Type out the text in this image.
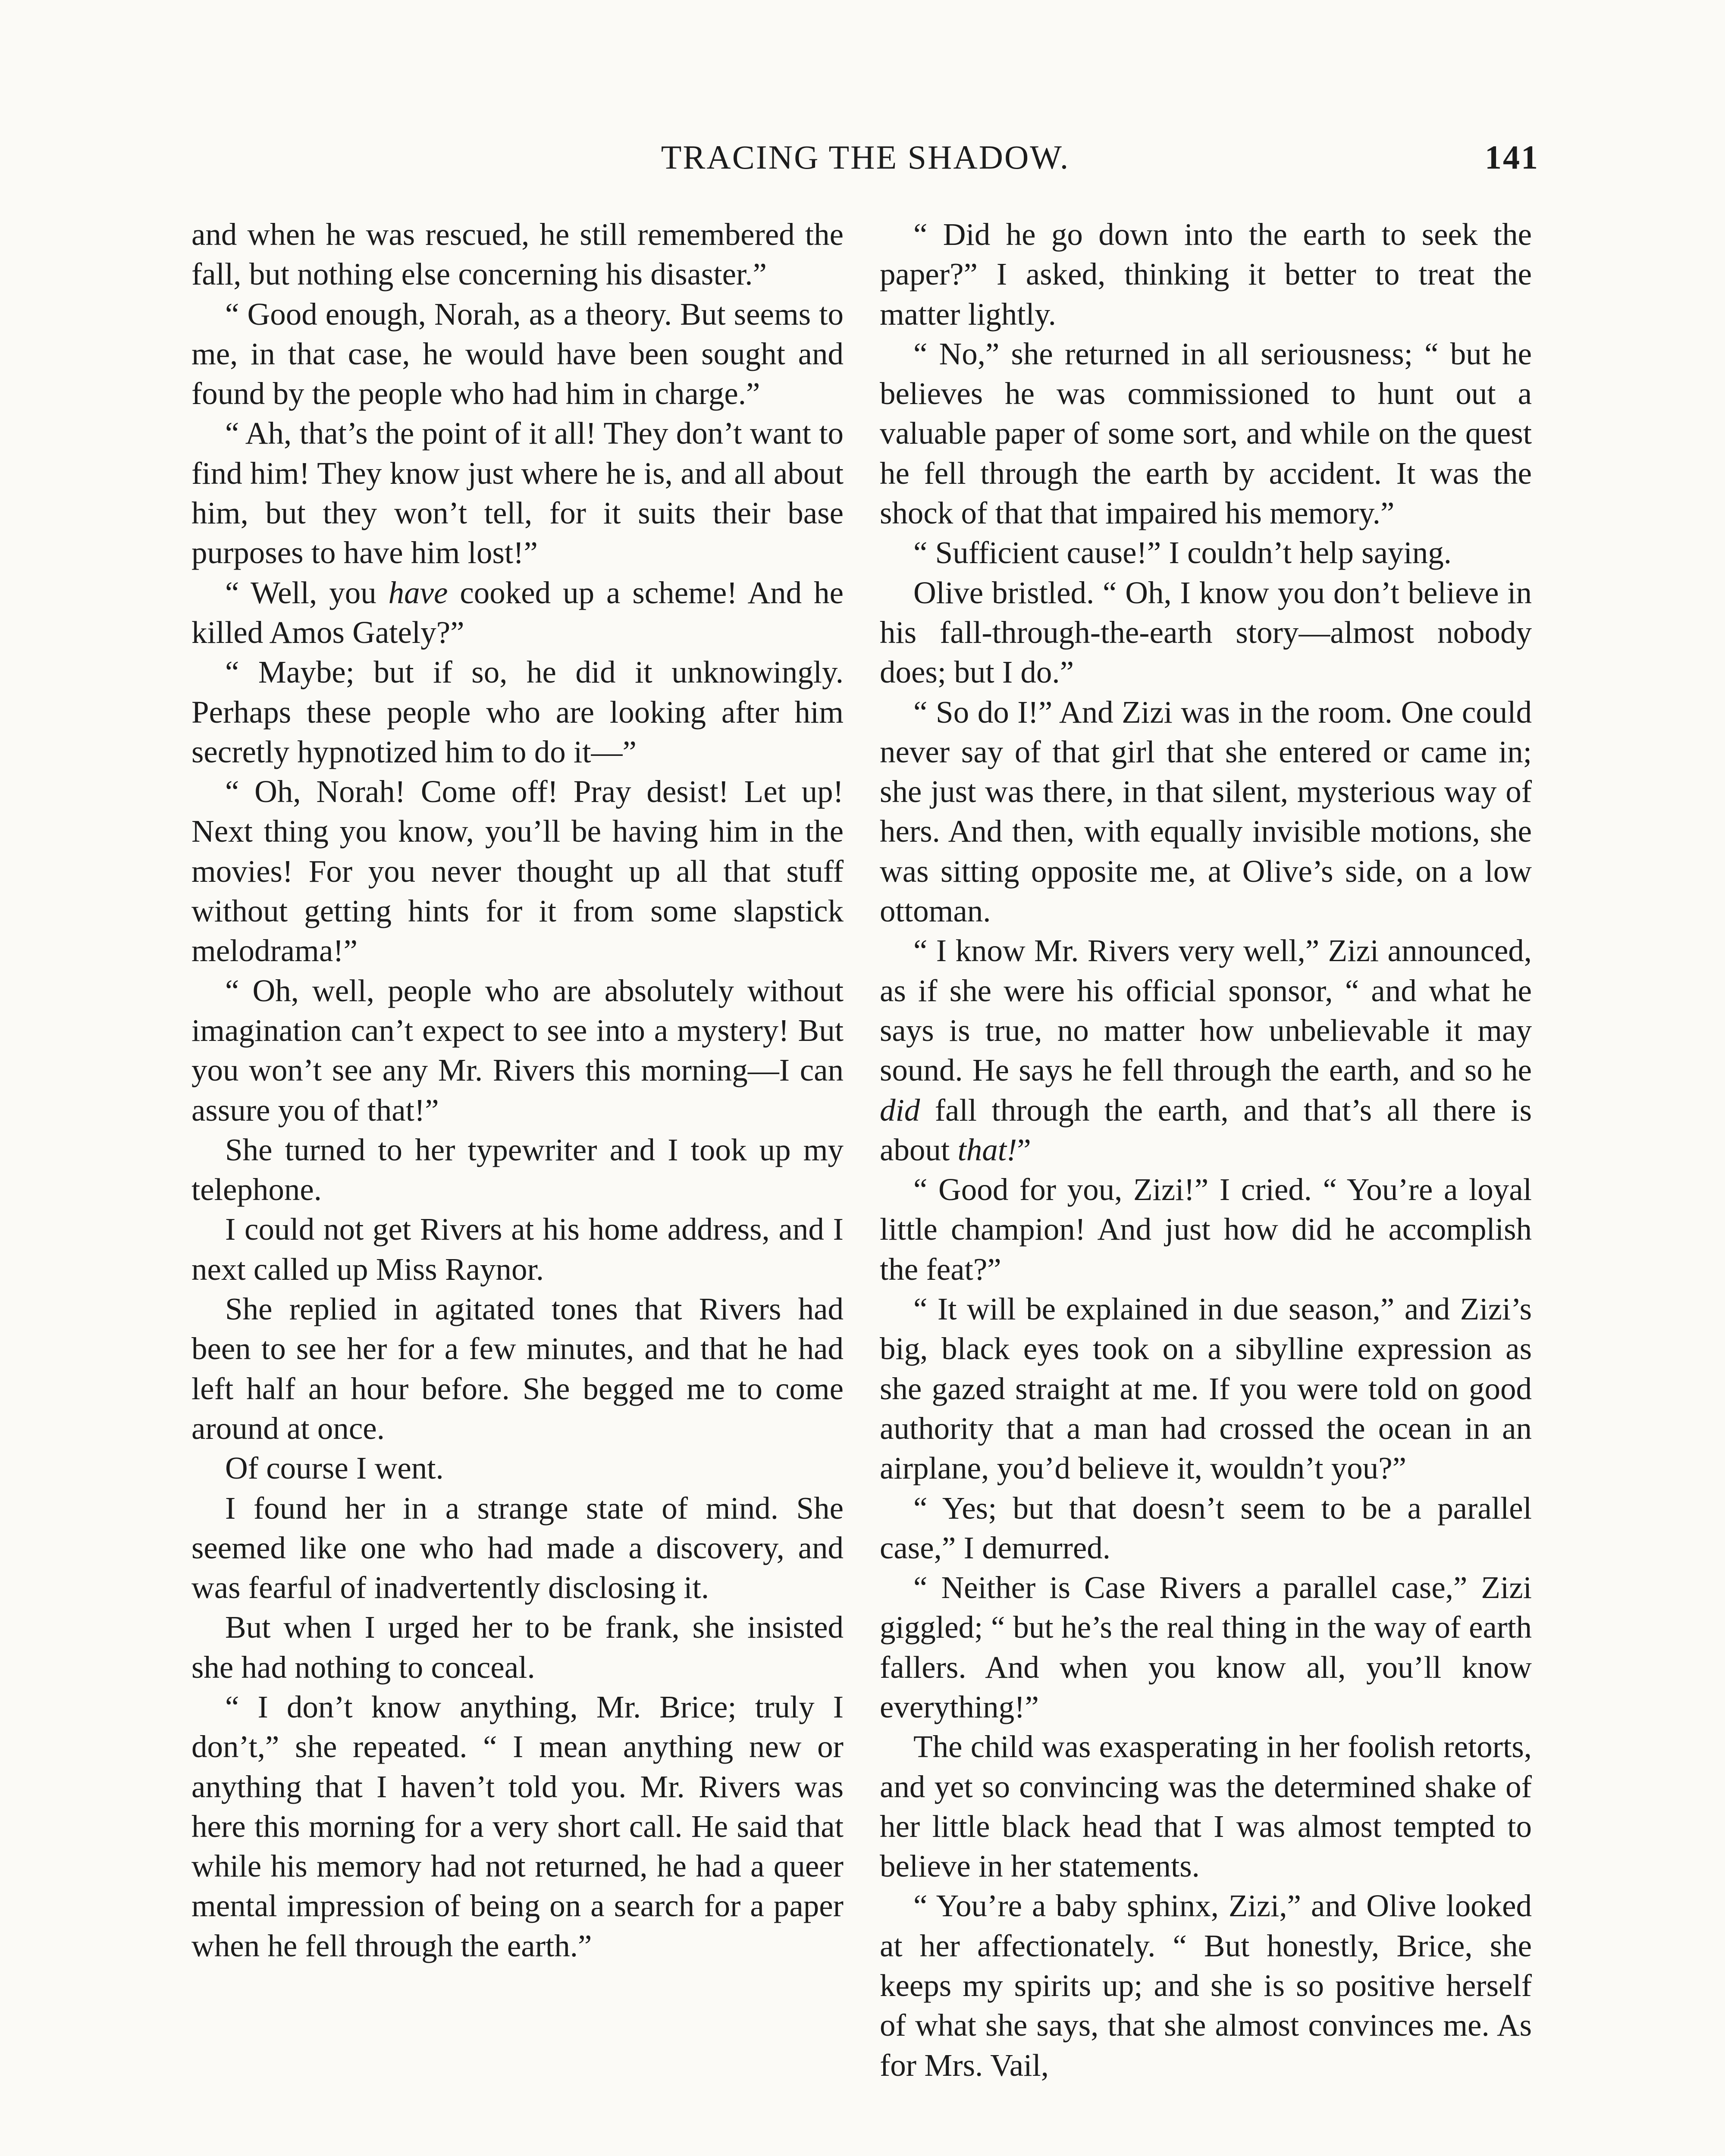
TRACING THE SHADOW.	141

and when he was rescued, he still remembered the fall, but nothing else concerning his disaster.”

“ Good enough, Norah, as a theory. But seems to me, in that case, he would have been sought and found by the people who had him in charge.”

“ Ah, that’s the point of it all! They don’t want to find him! They know just where he is, and all about him, but they won’t tell, for it suits their base purposes to have him lost!”

“ Well, you have cooked up a scheme! And he killed Amos Gately?”

“ Maybe; but if so, he did it unknowingly. Perhaps these people who are looking after him secretly hypnotized him to do it—”

“ Oh, Norah! Come off! Pray desist! Let up! Next thing you know, you’ll be having him in the movies! For you never thought up all that stuff without getting hints for it from some slapstick melodrama!”

“ Oh, well, people who are absolutely without imagination can’t expect to see into a mystery! But you won’t see any Mr. Rivers this morning—I can assure you of that!”

She turned to her typewriter and I took up my telephone.

I could not get Rivers at his home address, and I next called up Miss Raynor.

She replied in agitated tones that Rivers had been to see her for a few minutes, and that he had left half an hour before. She begged me to come around at once.

Of course I went.

I found her in a strange state of mind. She seemed like one who had made a discovery, and was fearful of inadvertently disclosing it.

But when I urged her to be frank, she insisted she had nothing to conceal.

“ I don’t know anything, Mr. Brice; truly I don’t,” she repeated. “ I mean anything new or anything that I haven’t told you. Mr. Rivers was here this morning for a very short call. He said that while his memory had not returned, he had a queer mental impression of being on a search for a paper when he fell through the earth.”

“ Did he go down into the earth to seek the paper?” I asked, thinking it better to treat the matter lightly.

“ No,” she returned in all seriousness; “ but he believes he was commissioned to hunt out a valuable paper of some sort, and while on the quest he fell through the earth by accident. It was the shock of that that impaired his memory.”

“ Sufficient cause!” I couldn’t help saying.

Olive bristled. “ Oh, I know you don’t believe in his fall-through-the-earth story—almost nobody does; but I do.”

“ So do I!” And Zizi was in the room. One could never say of that girl that she entered or came in; she just was there, in that silent, mysterious way of hers. And then, with equally invisible motions, she was sitting opposite me, at Olive’s side, on a low ottoman.

“ I know Mr. Rivers very well,” Zizi announced, as if she were his official sponsor, “ and what he says is true, no matter how unbelievable it may sound. He says he fell through the earth, and so he did fall through the earth, and that’s all there is about that!”

“ Good for you, Zizi!” I cried. “ You’re a loyal little champion! And just how did he accomplish the feat?”

“ It will be explained in due season,” and Zizi’s big, black eyes took on a sibylline expression as she gazed straight at me. If you were told on good authority that a man had crossed the ocean in an airplane, you’d believe it, wouldn’t you?”

“ Yes; but that doesn’t seem to be a parallel case,” I demurred.

“ Neither is Case Rivers a parallel case,” Zizi giggled; “ but he’s the real thing in the way of earth fallers. And when you know all, you’ll know everything!”

The child was exasperating in her foolish retorts, and yet so convincing was the determined shake of her little black head that I was almost tempted to believe in her statements.

“ You’re a baby sphinx, Zizi,” and Olive looked at her affectionately. “ But honestly, Brice, she keeps my spirits up; and she is so positive herself of what she says, that she almost convinces me. As for Mrs. Vail,
